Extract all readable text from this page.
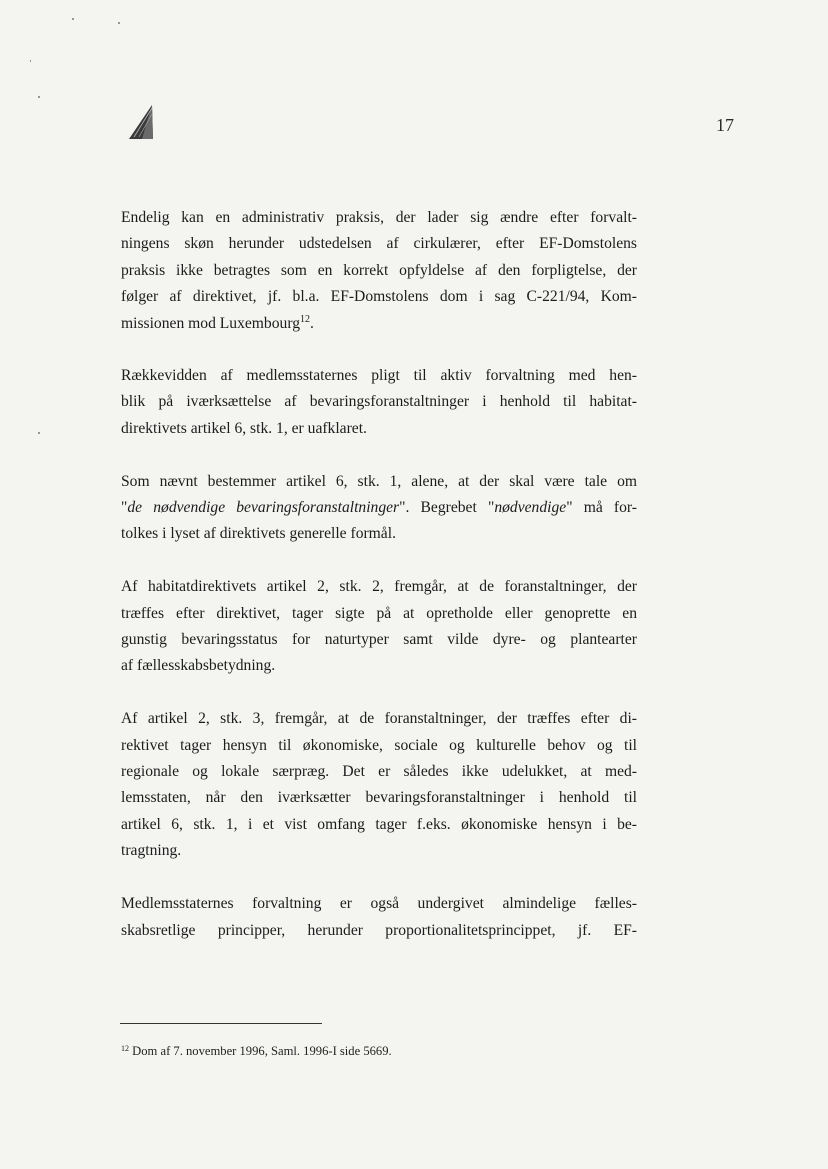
17

Endelig kan en administrativ praksis, der lader sig ændre efter forvalt-
ningens skøn herunder udstedelsen af cirkulærer, efter EF-Domstolens
praksis ikke betragtes som en korrekt opfyldelse af den forpligtelse, der
følger af direktivet, jf. bl.a. EF-Domstolens dom i sag C-221/94, Kom-
missionen mod Luxembourg$^{12}$.

Rækkevidden af medlemsstaternes pligt til aktiv forvaltning med hen-
blik på iværksættelse af bevaringsforanstaltninger i henhold til habitat-
direktivets artikel 6, stk. 1, er uafklaret.

Som nævnt bestemmer artikel 6, stk. 1, alene, at der skal være tale om
"de nødvendige bevaringsforanstaltninger". Begrebet "nødvendige" må for-
tolkes i lyset af direktivets generelle formål.

Af habitatdirektivets artikel 2, stk. 2, fremgår, at de foranstaltninger, der
træffes efter direktivet, tager sigte på at opretholde eller genoprette en
gunstig bevaringsstatus for naturtyper samt vilde dyre- og plantearter
af fællesskabsbetydning.

Af artikel 2, stk. 3, fremgår, at de foranstaltninger, der træffes efter di-
rektivet tager hensyn til økonomiske, sociale og kulturelle behov og til
regionale og lokale særpræg. Det er således ikke udelukket, at med-
lemsstaten, når den iværksætter bevaringsforanstaltninger i henhold til
artikel 6, stk. 1, i et vist omfang tager f.eks. økonomiske hensyn i be-
tragtning.

Medlemsstaternes forvaltning er også undergivet almindelige fælles-
skabsretlige principper, herunder proportionalitetsprincippet, jf. EF-

$^{12}$ Dom af 7. november 1996, Saml. 1996-I side 5669.
